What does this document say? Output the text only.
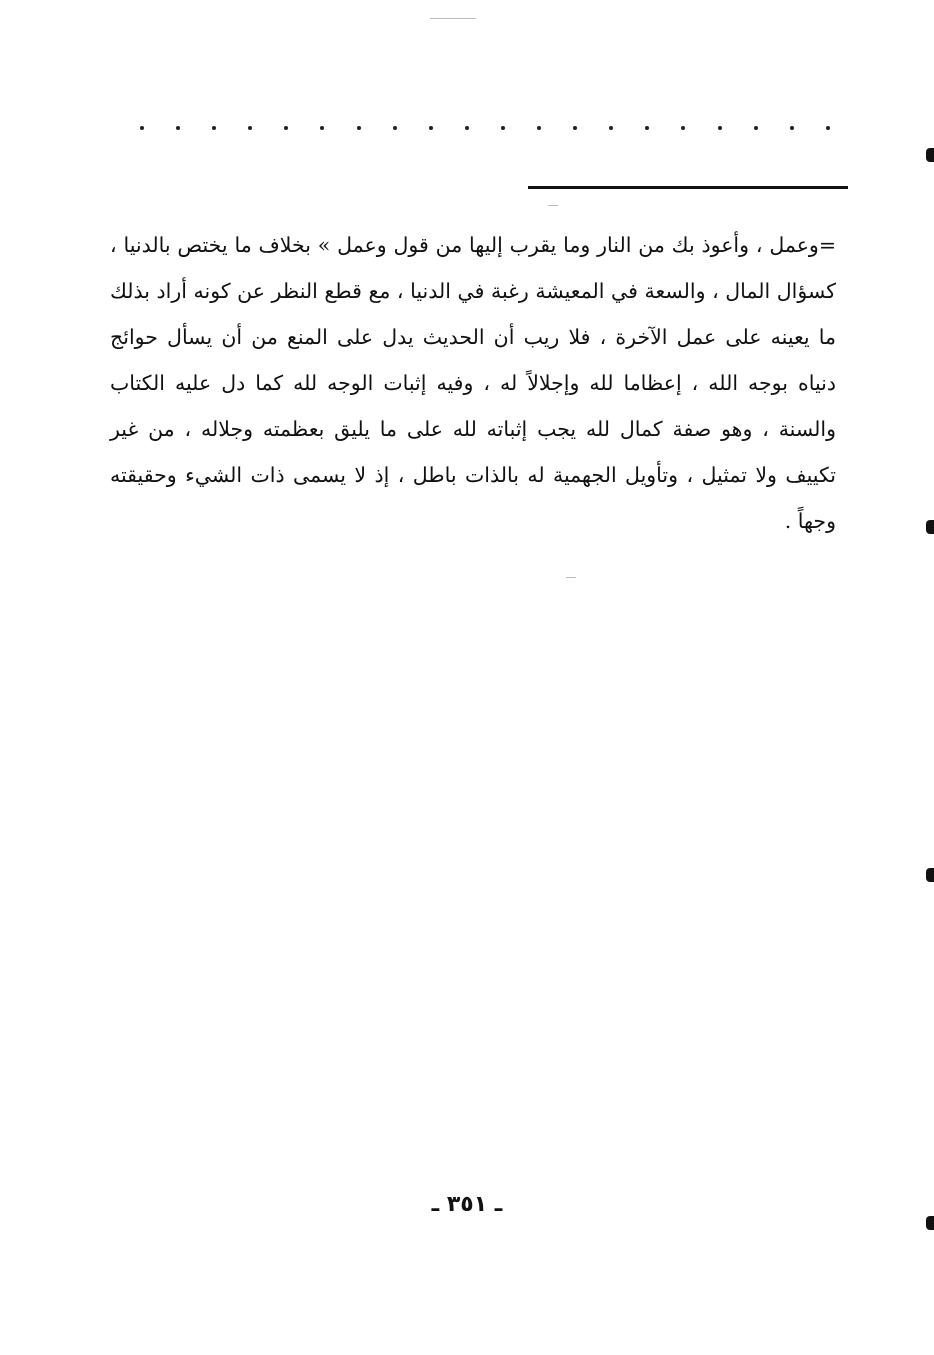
=وعمل ، وأعوذ بك من النار وما يقرب إليها من قول وعمل » بخلاف ما يختص بالدنيا ، كسؤال المال ، والسعة في المعيشة رغبة في الدنيا ، مع قطع النظر عن كونه أراد بذلك ما يعينه على عمل الآخرة ، فلا ريب أن الحديث يدل على المنع من أن يسأل حوائج دنياه بوجه الله ، إعظاما لله وإجلالاً له ، وفيه إثبات الوجه لله كما دل عليه الكتاب والسنة ، وهو صفة كمال لله يجب إثباته لله على ما يليق بعظمته وجلاله ، من غير تكييف ولا تمثيل ، وتأويل الجهمية له بالذات باطل ، إذ لا يسمى ذات الشيء وحقيقته وجهاً .

ـ ٣٥١ ـ
